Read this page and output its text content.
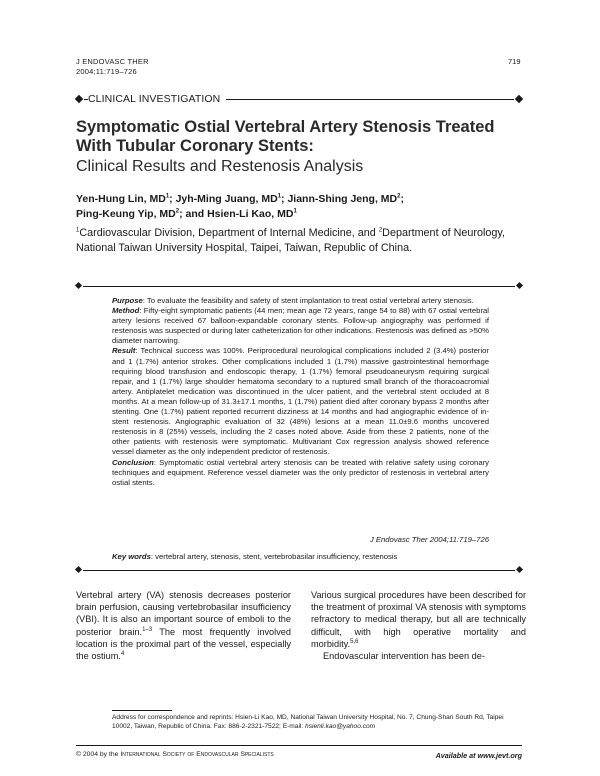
J ENDOVASC THER
2004;11:719–726
719
CLINICAL INVESTIGATION
Symptomatic Ostial Vertebral Artery Stenosis Treated With Tubular Coronary Stents:
Clinical Results and Restenosis Analysis
Yen-Hung Lin, $MD^1$; Jyh-Ming Juang, $MD^1$; Jiann-Shing Jeng, $MD^2$;
Ping-Keung Yip, $MD^2$; and Hsien-Li Kao, $MD^1$
$^1$Cardiovascular Division, Department of Internal Medicine, and $^2$Department of Neurology, National Taiwan University Hospital, Taipei, Taiwan, Republic of China.

Purpose: To evaluate the feasibility and safety of stent implantation to treat ostial vertebral artery stenosis.

Method: Fifty-eight symptomatic patients (44 men; mean age 72 years, range 54 to 88) with 67 ostial vertebral artery lesions received 67 balloon-expandable coronary stents. Follow-up angiography was performed if restenosis was suspected or during later catheterization for other indications. Restenosis was defined as >50% diameter narrowing.

Result: Technical success was 100%. Periprocedural neurological complications included 2 (3.4%) posterior and 1 (1.7%) anterior strokes. Other complications included 1 (1.7%) massive gastrointestinal hemorrhage requiring blood transfusion and endoscopic therapy, 1 (1.7%) femoral pseudoaneurysm requiring surgical repair, and 1 (1.7%) large shoulder hematoma secondary to a ruptured small branch of the thoracoacromial artery. Antiplatelet medication was discontinued in the ulcer patient, and the vertebral stent occluded at 8 months. At a mean follow-up of 31.3±17.1 months, 1 (1.7%) patient died after coronary bypass 2 months after stenting. One (1.7%) patient reported recurrent dizziness at 14 months and had angiographic evidence of in-stent restenosis. Angiographic evaluation of 32 (48%) lesions at a mean 11.0±9.6 months uncovered restenosis in 8 (25%) vessels, including the 2 cases noted above. Aside from these 2 patients, none of the other patients with restenosis were symptomatic. Multivariant Cox regression analysis showed reference vessel diameter as the only independent predictor of restenosis.

Conclusion: Symptomatic ostial vertebral artery stenosis can be treated with relative safety using coronary techniques and equipment. Reference vessel diameter was the only predictor of restenosis in vertebral artery ostial stents.

J Endovasc Ther 2004;11:719–726
Key words: vertebral artery, stenosis, stent, vertebrobasilar insufficiency, restenosis

Vertebral artery (VA) stenosis decreases posterior brain perfusion, causing vertebrobasilar insufficiency (VBI). It is also an important source of emboli to the posterior brain.$^{1-3}$ The most frequently involved location is the proximal part of the vessel, especially the ostium.$^4$

Various surgical procedures have been described for the treatment of proximal VA stenosis with symptoms refractory to medical therapy, but all are technically difficult, with high operative mortality and morbidity.$^{5,6}$

Endovascular intervention has been de-

Address for correspondence and reprints: Hsien-Li Kao, MD, National Taiwan University Hospital, No. 7, Chung-Shan South Rd, Taipei 10002, Taiwan, Republic of China. Fax: 886-2-2321-7522; E-mail: hsienli.kao@yahoo.com
© 2004 by the International Society of Endovascular Specialists	Available at www.jevt.org
